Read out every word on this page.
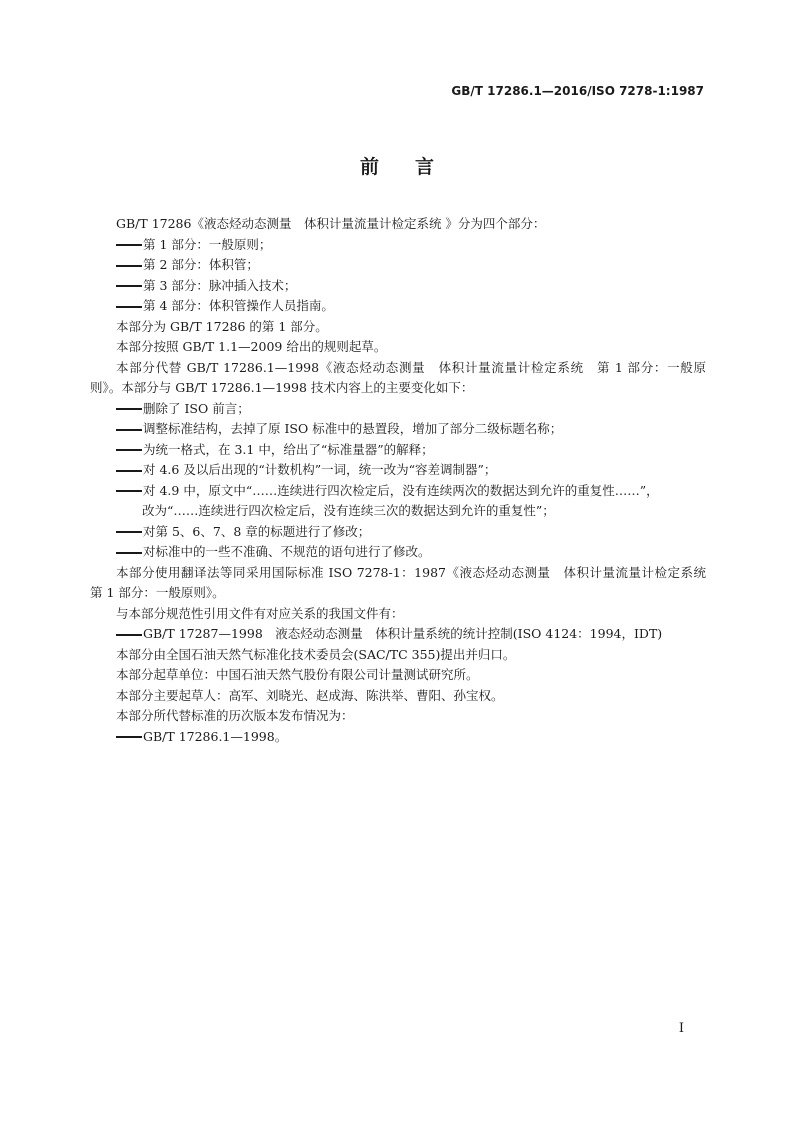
GB/T 17286.1—2016/ISO 7278-1:1987
前 言
GB/T 17286《液态烃动态测量　体积计量流量计检定系统 》分为四个部分：
第 1 部分：一般原则；
第 2 部分：体积管；
第 3 部分：脉冲插入技术；
第 4 部分：体积管操作人员指南。
本部分为 GB/T 17286 的第 1 部分。
本部分按照 GB/T 1.1—2009 给出的规则起草。
本部分代替 GB/T 17286.1—1998《液态烃动态测量　体积计量流量计检定系统　第 1 部分：一般原则》。本部分与 GB/T 17286.1—1998 技术内容上的主要变化如下：
删除了 ISO 前言；
调整标准结构，去掉了原 ISO 标准中的悬置段，增加了部分二级标题名称；
为统一格式，在 3.1 中，给出了“标准量器”的解释；
对 4.6 及以后出现的“计数机构”一词，统一改为“容差调制器”；
对 4.9 中，原文中“……连续进行四次检定后，没有连续两次的数据达到允许的重复性……”，
改为“……连续进行四次检定后，没有连续三次的数据达到允许的重复性”；
对第 5、6、7、8 章的标题进行了修改；
对标准中的一些不准确、不规范的语句进行了修改。
本部分使用翻译法等同采用国际标准 ISO 7278-1：1987《液态烃动态测量　体积计量流量计检定系统　第 1 部分：一般原则》。
与本部分规范性引用文件有对应关系的我国文件有：
GB/T 17287—1998　液态烃动态测量　体积计量系统的统计控制(ISO 4124：1994，IDT)
本部分由全国石油天然气标准化技术委员会(SAC/TC 355)提出并归口。
本部分起草单位：中国石油天然气股份有限公司计量测试研究所。
本部分主要起草人：高军、刘晓光、赵成海、陈洪举、曹阳、孙宝权。
本部分所代替标准的历次版本发布情况为：
GB/T 17286.1—1998。
I
